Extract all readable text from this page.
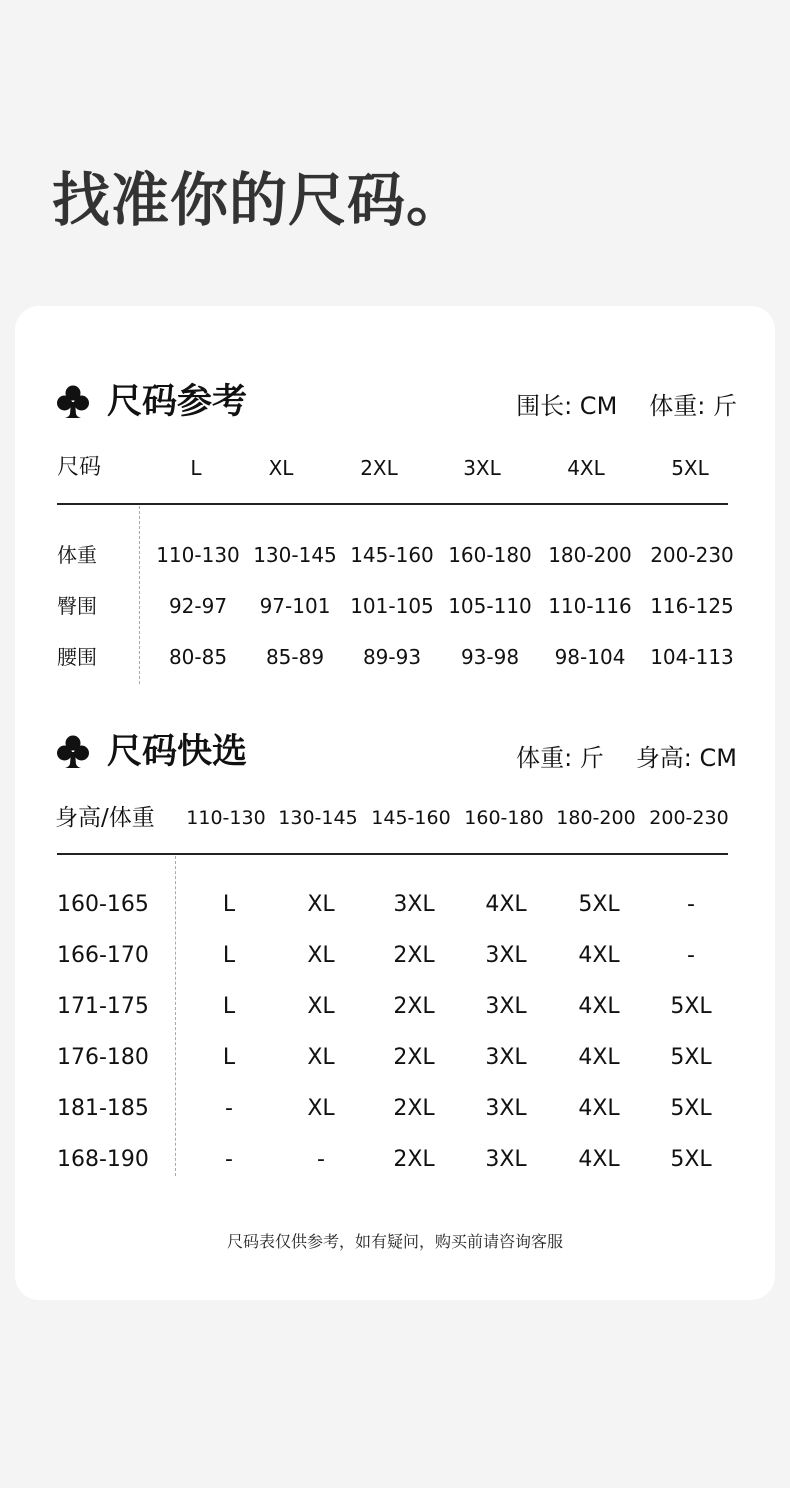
找准你的尺码。
尺码参考	围长: CM 体重: 斤
尺码	L	XL	2XL	3XL	4XL	5XL
体重	110-130 130-145 145-160 160-180 180-200 200-230
臀围	92-97	97-101 101-105 105-110 110-116 116-125
腰围	80-85	85-89	89-93	93-98	98-104	104-113
尺码快选	体重: 斤 身高: CM
身高/体重	110-130 130-145 145-160 160-180 180-200 200-230
160-165	L	XL	3XL	4XL	5XL	-
166-170	L	XL	2XL	3XL	4XL	-
171-175	L	XL	2XL	3XL	4XL	5XL
176-180	L	XL	2XL	3XL	4XL	5XL
181-185	-	XL	2XL	3XL	4XL	5XL
168-190	-	-	2XL	3XL	4XL	5XL
尺码表仅供参考，如有疑问，购买前请咨询客服
